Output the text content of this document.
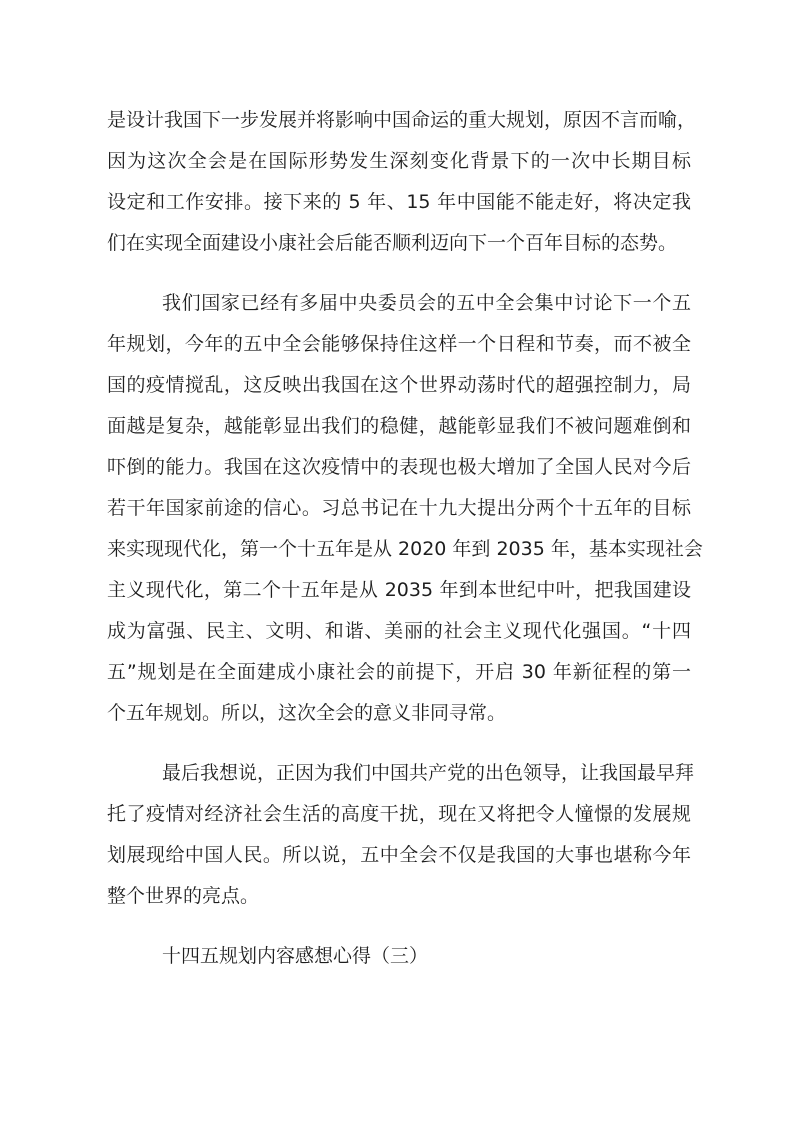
是设计我国下一步发展并将影响中国命运的重大规划，原因不言而喻，
因为这次全会是在国际形势发生深刻变化背景下的一次中长期目标
设定和工作安排。接下来的 5 年、15 年中国能不能走好，将决定我
们在实现全面建设小康社会后能否顺利迈向下一个百年目标的态势。
我们国家已经有多届中央委员会的五中全会集中讨论下一个五
年规划，今年的五中全会能够保持住这样一个日程和节奏，而不被全
国的疫情搅乱，这反映出我国在这个世界动荡时代的超强控制力，局
面越是复杂，越能彰显出我们的稳健，越能彰显我们不被问题难倒和
吓倒的能力。我国在这次疫情中的表现也极大增加了全国人民对今后
若干年国家前途的信心。习总书记在十九大提出分两个十五年的目标
来实现现代化，第一个十五年是从 2020 年到 2035 年，基本实现社会
主义现代化，第二个十五年是从 2035 年到本世纪中叶，把我国建设
成为富强、民主、文明、和谐、美丽的社会主义现代化强国。“十四
五”规划是在全面建成小康社会的前提下，开启 30 年新征程的第一
个五年规划。所以，这次全会的意义非同寻常。
最后我想说，正因为我们中国共产党的出色领导，让我国最早拜
托了疫情对经济社会生活的高度干扰，现在又将把令人憧憬的发展规
划展现给中国人民。所以说，五中全会不仅是我国的大事也堪称今年
整个世界的亮点。
十四五规划内容感想心得（三）
